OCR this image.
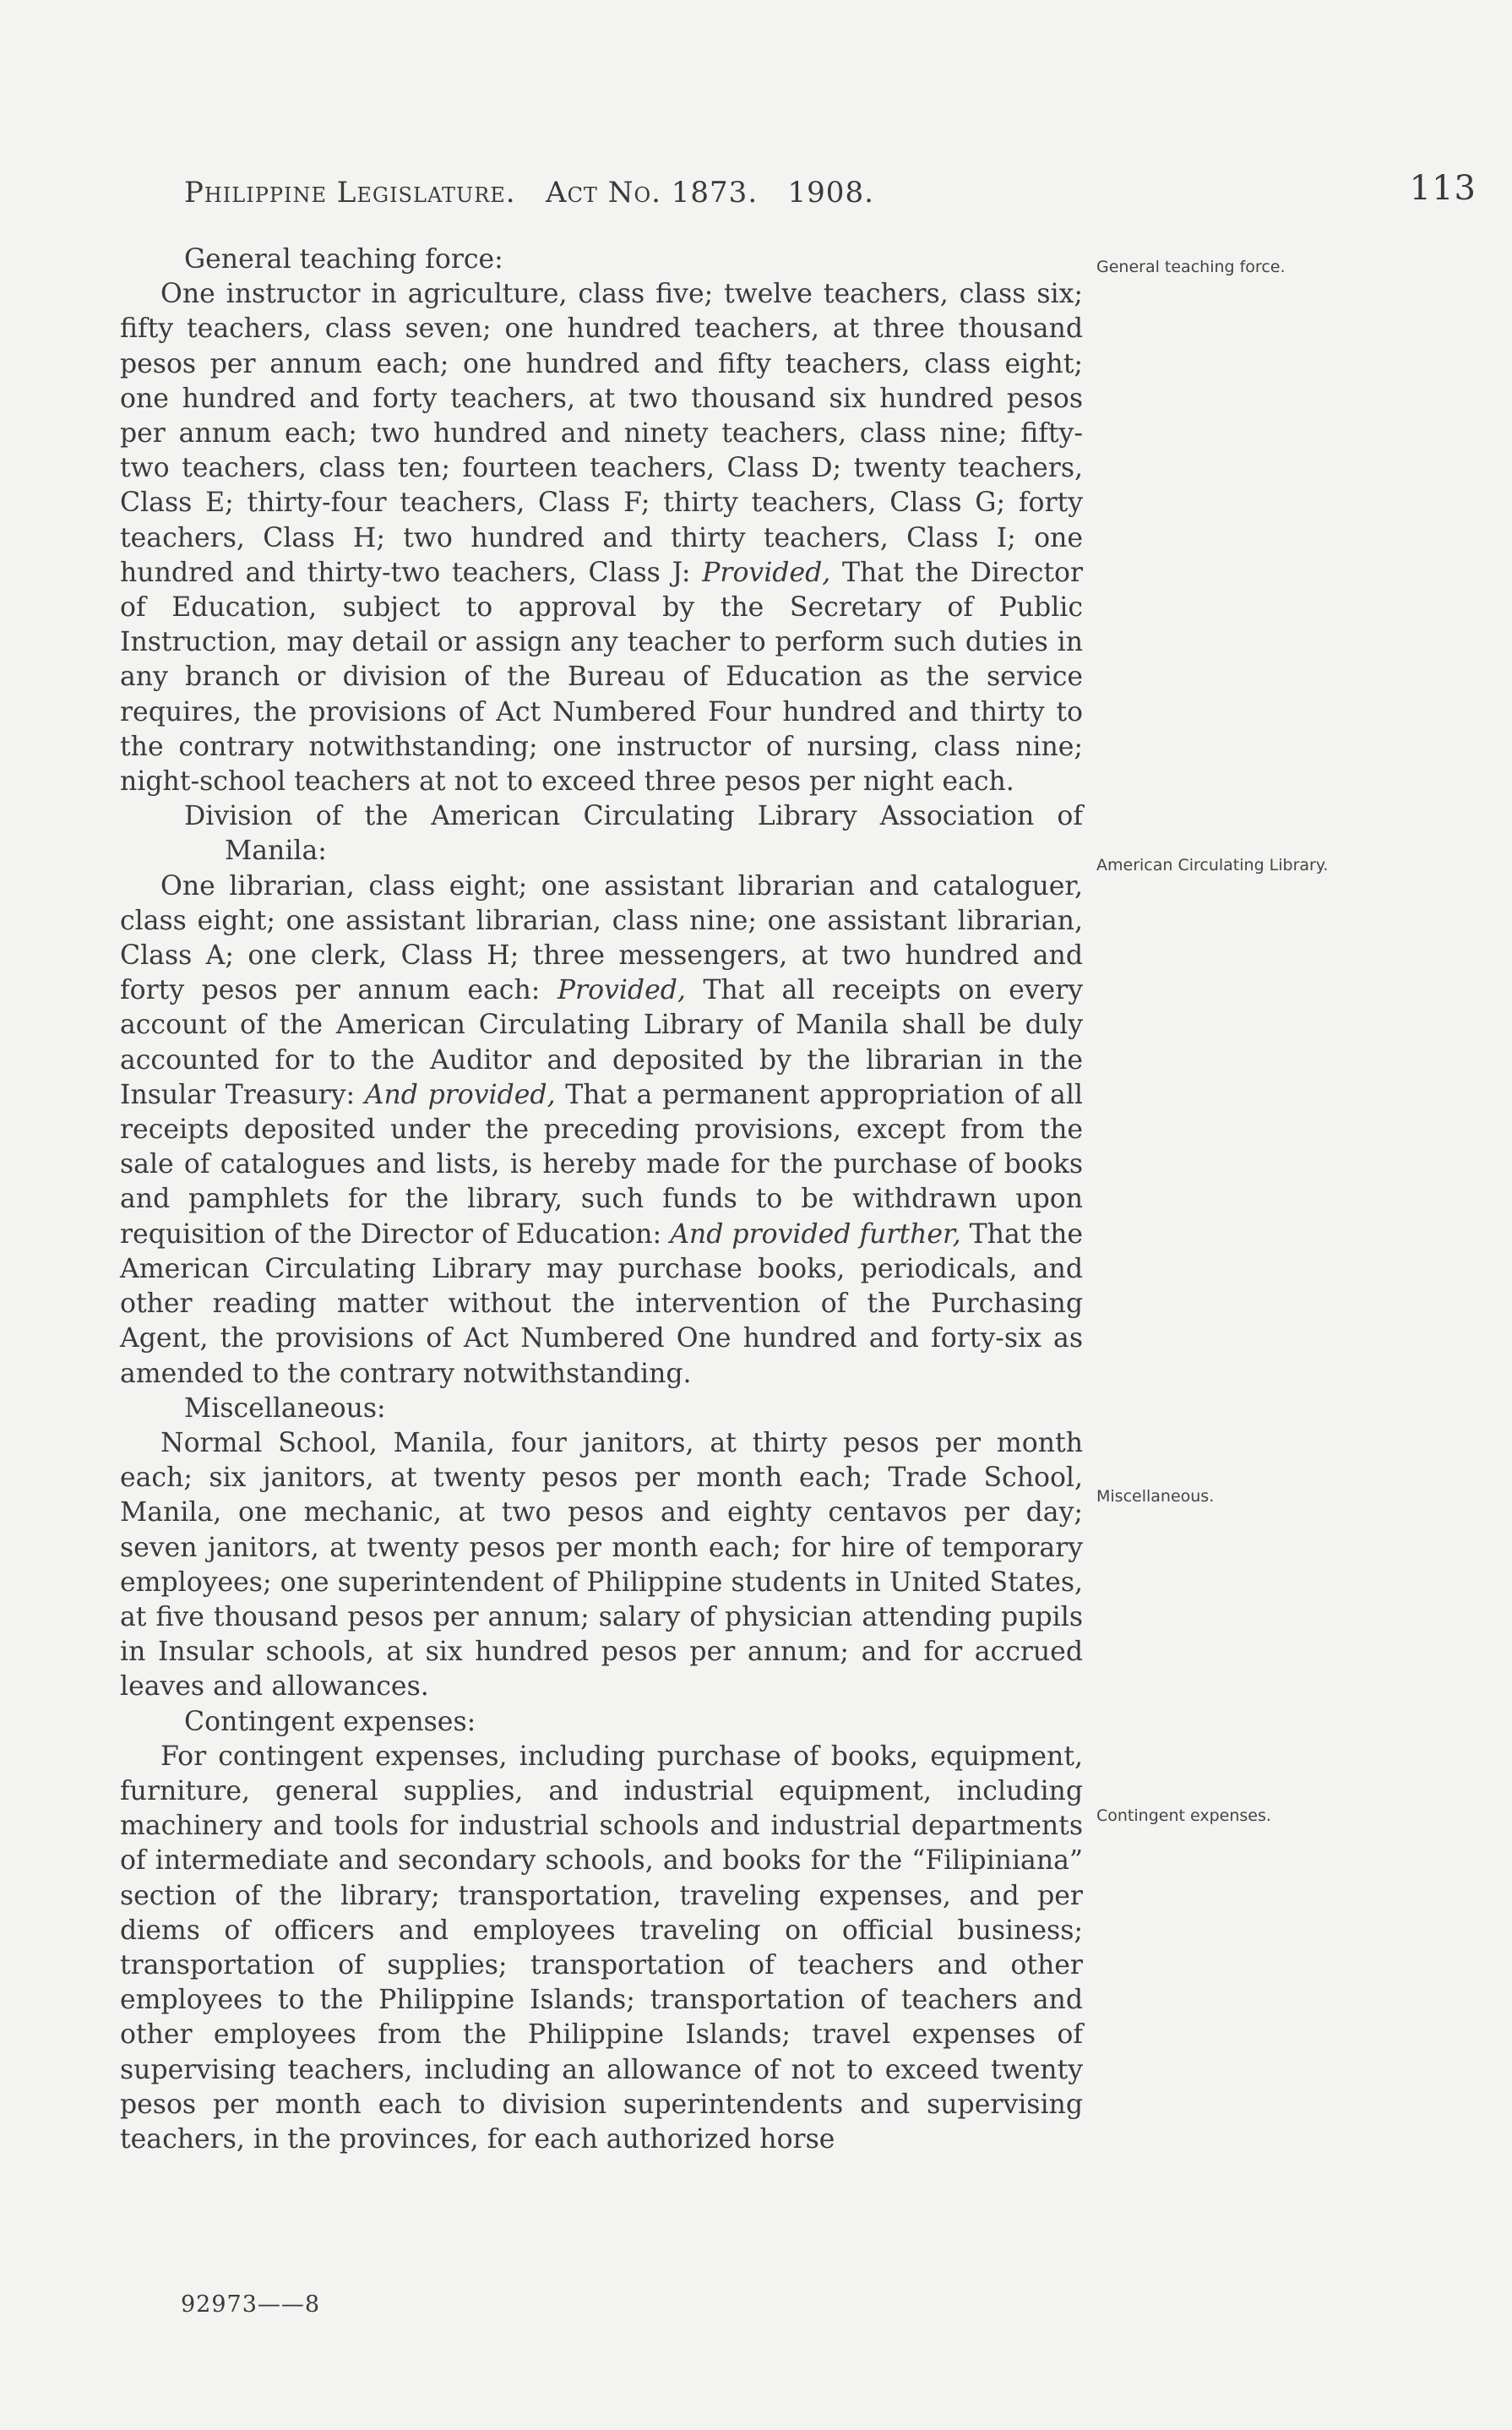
Philippine Legislature.   Act No. 1873.   1908.	113

General teaching force:

One instructor in agriculture, class five; twelve teachers, class six; fifty teachers, class seven; one hundred teachers, at three thousand pesos per annum each; one hundred and fifty teachers, class eight; one hundred and forty teachers, at two thousand six hundred pesos per annum each; two hundred and ninety teachers, class nine; fifty-two teachers, class ten; fourteen teachers, Class D; twenty teachers, Class E; thirty-four teachers, Class F; thirty teachers, Class G; forty teachers, Class H; two hundred and thirty teachers, Class I; one hundred and thirty-two teachers, Class J: Provided, That the Director of Education, subject to approval by the Secretary of Public Instruction, may detail or assign any teacher to perform such duties in any branch or division of the Bureau of Education as the service requires, the provisions of Act Numbered Four hundred and thirty to the contrary notwithstanding; one instructor of nursing, class nine; night-school teachers at not to exceed three pesos per night each.

Division of the American Circulating Library Association of Manila:

One librarian, class eight; one assistant librarian and cataloguer, class eight; one assistant librarian, class nine; one assistant librarian, Class A; one clerk, Class H; three messengers, at two hundred and forty pesos per annum each: Provided, That all receipts on every account of the American Circulating Library of Manila shall be duly accounted for to the Auditor and deposited by the librarian in the Insular Treasury: And provided, That a permanent appropriation of all receipts deposited under the preceding provisions, except from the sale of catalogues and lists, is hereby made for the purchase of books and pamphlets for the library, such funds to be withdrawn upon requisition of the Director of Education: And provided further, That the American Circulating Library may purchase books, periodicals, and other reading matter without the intervention of the Purchasing Agent, the provisions of Act Numbered One hundred and forty-six as amended to the contrary notwithstanding.

Miscellaneous:

Normal School, Manila, four janitors, at thirty pesos per month each; six janitors, at twenty pesos per month each; Trade School, Manila, one mechanic, at two pesos and eighty centavos per day; seven janitors, at twenty pesos per month each; for hire of temporary employees; one superintendent of Philippine students in United States, at five thousand pesos per annum; salary of physician attending pupils in Insular schools, at six hundred pesos per annum; and for accrued leaves and allowances.

Contingent expenses:

For contingent expenses, including purchase of books, equipment, furniture, general supplies, and industrial equipment, including machinery and tools for industrial schools and industrial departments of intermediate and secondary schools, and books for the “Filipiniana” section of the library; transportation, traveling expenses, and per diems of officers and employees traveling on official business; transportation of supplies; transportation of teachers and other employees to the Philippine Islands; transportation of teachers and other employees from the Philippine Islands; travel expenses of supervising teachers, including an allowance of not to exceed twenty pesos per month each to division superintendents and supervising teachers, in the provinces, for each authorized horse

General teaching force.
American Circulating Library.
Miscellaneous.
Contingent expenses.
92973——8
